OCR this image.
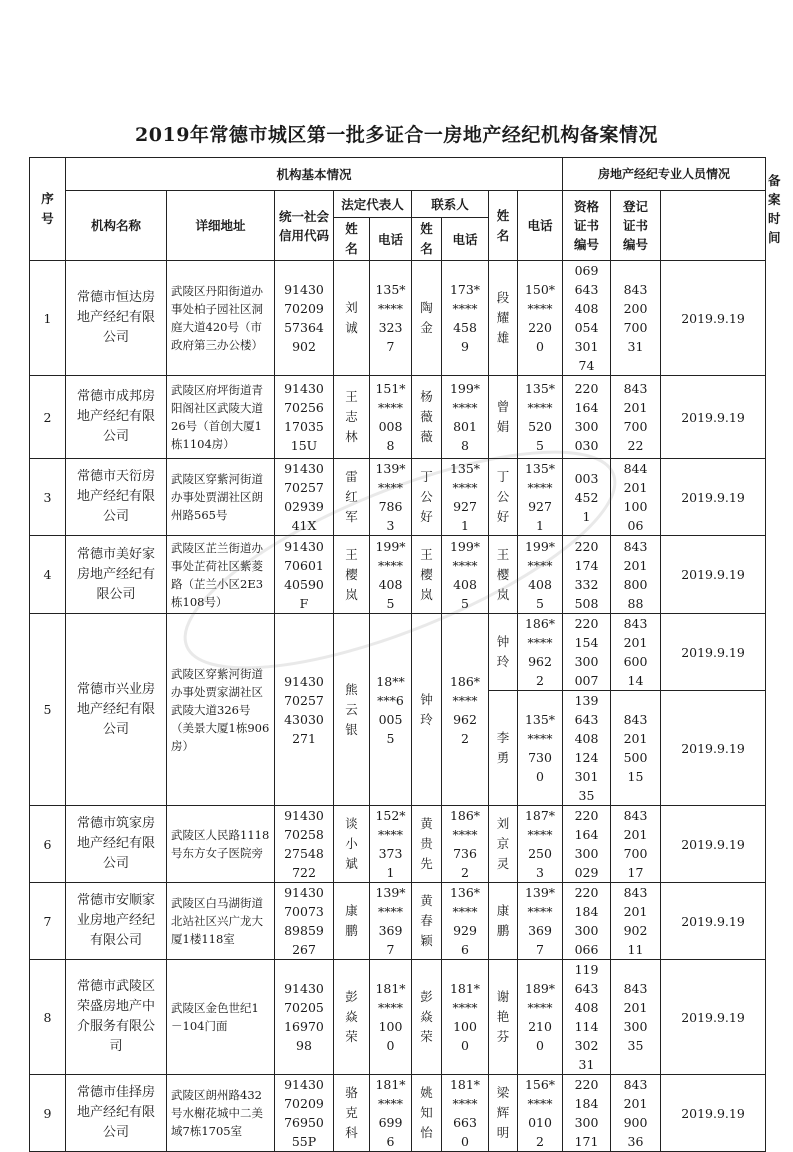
2019年常德市城区第一批多证合一房地产经纪机构备案情况
序号	机构基本情况									房地产经纪专业人员情况			备案时间
	机构名称	详细地址	统一社会信用代码	法定代表人		联系人		姓名	电话	资格证书编号	登记证书编号		
				姓名	电话	姓名	电话						
1	常德市恒达房地产经纪有限公司	武陵区丹阳街道办事处柏子园社区洞庭大道420号（市政府第三办公楼）	914307020957364902	刘诚	135*****3237	陶金	173*****4589	段耀雄	150*****2200	06964340805430174	84320070031	2019.9.19	
2	常德市成邦房地产经纪有限公司	武陵区府坪街道青阳阁社区武陵大道26号（首创大厦1栋1104房）	91430702561703515U	王志林	151*****0088	杨薇薇	199*****8018	曾娟	135*****5205	220164300030	84320170022	2019.9.19	
3	常德市天衍房地产经纪有限公司	武陵区穿紫河街道办事处贾湖社区朗州路565号	91430702570293941X	雷红军	139*****7863	丁公好	135*****9271	丁公好	135*****9271	0034521	84420110006	2019.9.19	
4	常德市美好家房地产经纪有限公司	武陵区芷兰街道办事处芷荷社区紫菱路（芷兰小区2E3栋108号）	91430706014059​0F	王樱岚	199*****4085	王樱岚	199*****4085	王樱岚	199*****4085	220174332508	84320180088	2019.9.19	
5	常德市兴业房地产经纪有限公司	武陵区穿紫河街道办事处贾家湖社区武陵大道326号（美景大厦1栋906房）	914307025743030271	熊云银	18*****60055	钟玲	186*****9622	钟玲	186*****9622	220154300007	84320160014	2019.9.19	
								李勇	135*****7300	13964340812430135	84320150015	2019.9.19	
6	常德市筑家房地产经纪有限公司	武陵区人民路1118号东方女子医院旁	914307025827548722	谈小斌	152*****3731	黄贵先	186*****7362	刘京灵	187*****2503	220164300029	84320170017	2019.9.19	
7	常德市安顺家业房地产经纪有限公司	武陵区白马湖街道北站社区兴广龙大厦1楼118室	914307007389859267	康鹏	139*****3697	黄春颖	136*****9296	康鹏	139*****3697	220184300066	84320190211	2019.9.19	
8	常德市武陵区荣盛房地产中介服务有限公司	武陵区金色世纪1－104门面	91430702051697098	彭焱荣	181*****1000	彭焱荣	181*****1000	谢艳芬	189*****2100	11964340811430231	84320130035	2019.9.19	
9	常德市佳择房地产经纪有限公司	武陵区朗州路432号水榭花城中二美域7栋1705室	91430702097695055P	骆克科	181*****6996	姚知怡	181*****6630	梁辉明	156*****0102	220184300171	84320190036	2019.9.19	
